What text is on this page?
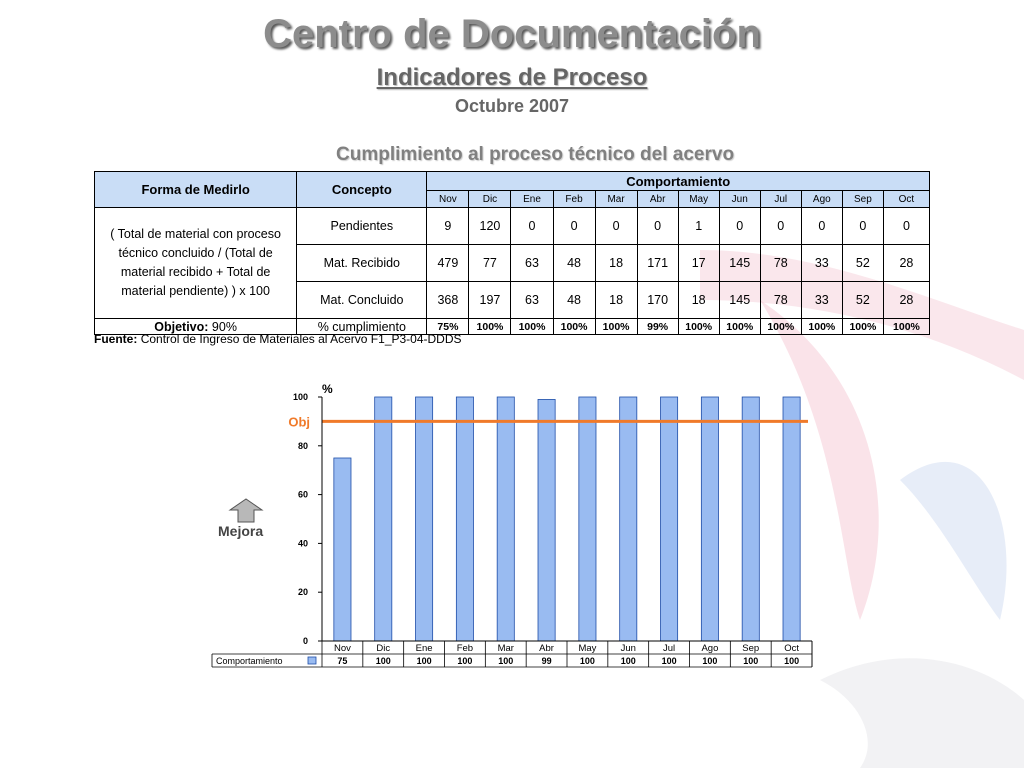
Centro de Documentación
Indicadores de Proceso
Octubre 2007
Cumplimiento al proceso técnico del acervo
Forma de Medirlo	Concepto	Comportamiento											
		Nov	Dic	Ene	Feb	Mar	Abr	May	Jun	Jul	Ago	Sep	Oct
( Total de material con proceso técnico concluido / (Total de material recibido + Total de material pendiente) ) x 100	Pendientes	9	120	0	0	0	0	1	0	0	0	0	0
	Mat. Recibido	479	77	63	48	18	171	17	145	78	33	52	28
	Mat. Concluido	368	197	63	48	18	170	18	145	78	33	52	28
Objetivo: 90%	% cumplimiento	75%	100%	100%	100%	100%	99%	100%	100%	100%	100%	100%	100%
Fuente: Control de Ingreso de Materiales al Acervo F1_P3-04-DDDS
Mejora
Obj
0
20
40
60
80
100
%
Comportamiento
Nov
75
Dic
100
Ene
100
Feb
100
Mar
100
Abr
99
May
100
Jun
100
Jul
100
Ago
100
Sep
100
Oct
100
